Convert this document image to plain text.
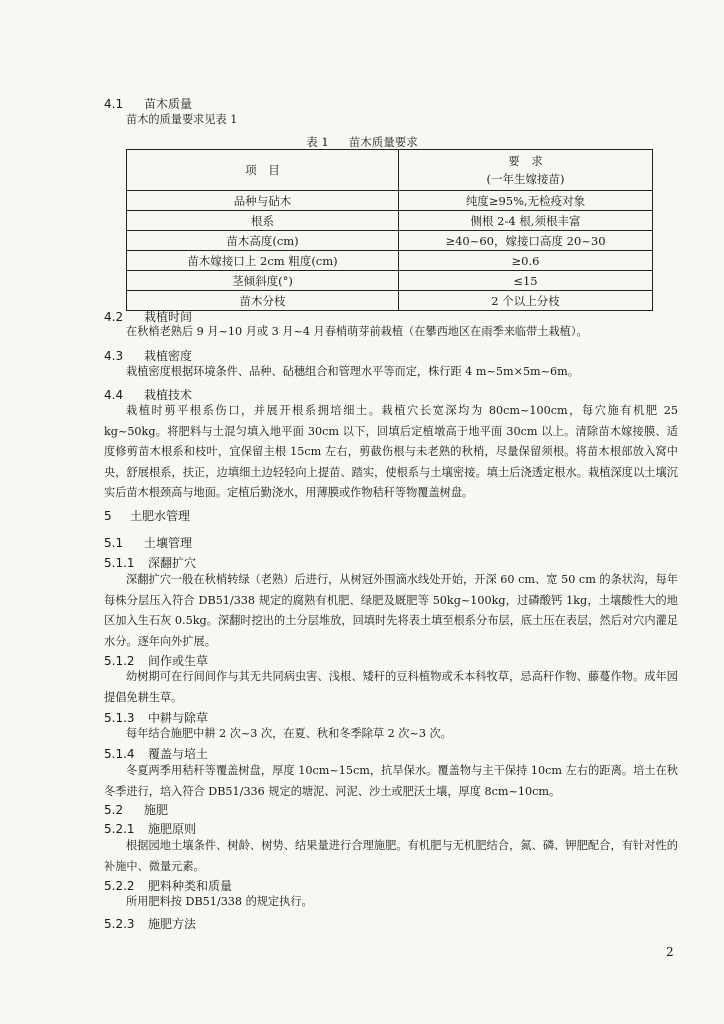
4.1 苗木质量
苗木的质量要求见表 1
表 1 苗木质量要求
项　目	要　求
(一年生嫁接苗)
品种与砧木	纯度≥95%,无检疫对象
根系	侧根 2-4 根,须根丰富
苗木高度(cm)	≥40~60，嫁接口高度 20~30
苗木嫁接口上 2cm 粗度(cm)	≥0.6
茎倾斜度(°)	≤15
苗木分枝	2 个以上分枝
4.2 栽植时间
在秋梢老熟后 9 月~10 月或 3 月~4 月春梢萌芽前栽植（在攀西地区在雨季来临带土栽植）。
4.3 栽植密度
栽植密度根据环境条件、品种、砧穗组合和管理水平等而定，株行距 4 m~5m×5m~6m。
4.4 栽植技术
栽植时剪平根系伤口，并展开根系拥培细土。栽植穴长宽深均为 80cm~100cm，每穴施有机肥 25 kg~50kg。将肥料与土混匀填入地平面 30cm 以下，回填后定植墩高于地平面 30cm 以上。清除苗木嫁接膜、适度修剪苗木根系和枝叶，宜保留主根 15cm 左右，剪截伤根与未老熟的秋梢，尽量保留须根。将苗木根部放入窝中央，舒展根系，扶正，边填细土边轻轻向上提苗、踏实，使根系与土壤密接。填土后浇透定根水。栽植深度以土壤沉实后苗木根颈高与地面。定植后勤浇水，用薄膜或作物秸秆等物覆盖树盘。
5 土肥水管理
5.1 土壤管理
5.1.1 深翻扩穴
深翻扩穴一般在秋梢转绿（老熟）后进行，从树冠外围滴水线处开始，开深 60 cm、宽 50 cm 的条状沟，每年每株分层压入符合 DB51/338 规定的腐熟有机肥、绿肥及厩肥等 50kg~100kg，过磷酸钙 1kg，土壤酸性大的地区加入生石灰 0.5kg。深翻时挖出的土分层堆放，回填时先将表土填至根系分布层，底土压在表层，然后对穴内灌足水分。逐年向外扩展。
5.1.2 间作或生草
幼树期可在行间间作与其无共同病虫害、浅根、矮秆的豆科植物或禾本科牧草，忌高秆作物、藤蔓作物。成年园提倡免耕生草。
5.1.3 中耕与除草
每年结合施肥中耕 2 次~3 次，在夏、秋和冬季除草 2 次~3 次。
5.1.4 覆盖与培土
冬夏两季用秸秆等覆盖树盘，厚度 10cm~15cm，抗旱保水。覆盖物与主干保持 10cm 左右的距离。培土在秋冬季进行，培入符合 DB51/336 规定的塘泥、河泥、沙土或肥沃土壤，厚度 8cm~10cm。
5.2 施肥
5.2.1 施肥原则
根据园地土壤条件、树龄、树势、结果量进行合理施肥。有机肥与无机肥结合，氮、磷、钾肥配合，有针对性的补施中、微量元素。
5.2.2 肥料种类和质量
所用肥料按 DB51/338 的规定执行。
5.2.3 施肥方法
2
